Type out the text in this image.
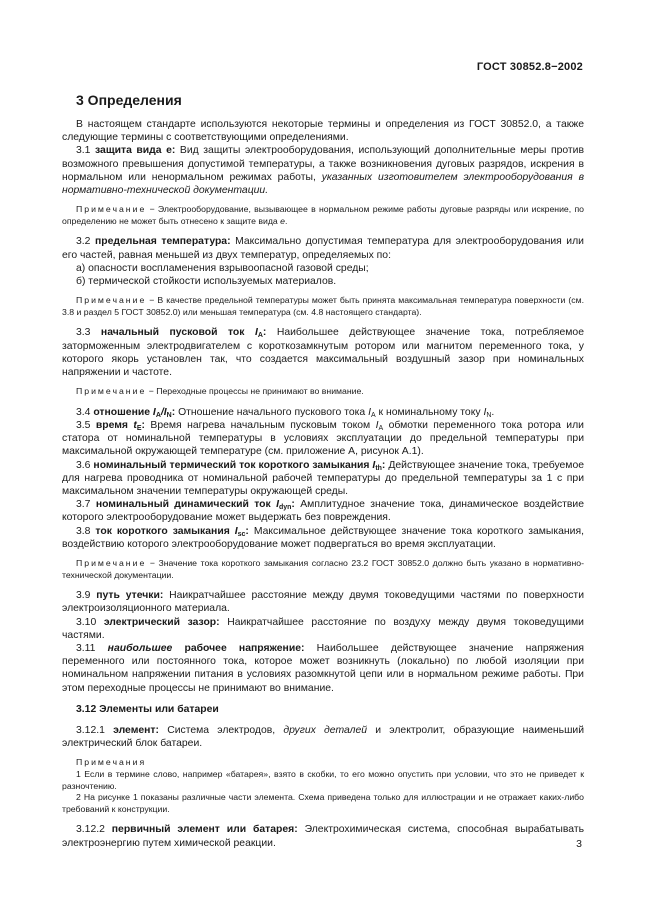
ГОСТ 30852.8−2002
3 Определения

В настоящем стандарте используются некоторые термины и определения из ГОСТ 30852.0, а также следующие термины с соответствующими определениями.

3.1 защита вида е: Вид защиты электрооборудования, использующий дополнительные меры против возможного превышения допустимой температуры, а также возникновения дуговых разрядов, искрения в нормальном или ненормальном режимах работы, указанных изготовителем электрооборудования в нормативно-технической документации.

Примечание − Электрооборудование, вызывающее в нормальном режиме работы дуговые разряды или искрение, по определению не может быть отнесено к защите вида е.

3.2 предельная температура: Максимально допустимая температура для электрооборудования или его частей, равная меньшей из двух температур, определяемых по:

а) опасности воспламенения взрывоопасной газовой среды;

б) термической стойкости используемых материалов.

Примечание − В качестве предельной температуры может быть принята максимальная температура поверхности (см. 3.8 и раздел 5 ГОСТ 30852.0) или меньшая температура (см. 4.8 настоящего стандарта).

3.3 начальный пусковой ток $I_A$: Наибольшее действующее значение тока, потребляемое заторможенным электродвигателем с короткозамкнутым ротором или магнитом переменного тока, у которого якорь установлен так, что создается максимальный воздушный зазор при номинальных напряжении и частоте.

Примечание − Переходные процессы не принимают во внимание.

3.4 отношение $I_A/I_N$: Отношение начального пускового тока $I_A$ к номинальному току $I_N$.

3.5 время $t_E$: Время нагрева начальным пусковым током $I_A$ обмотки переменного тока ротора или статора от номинальной температуры в условиях эксплуатации до предельной температуры при максимальной окружающей температуре (см. приложение А, рисунок А.1).

3.6 номинальный термический ток короткого замыкания $I_{th}$: Действующее значение тока, требуемое для нагрева проводника от номинальной рабочей температуры до предельной температуры за 1 с при максимальном значении температуры окружающей среды.

3.7 номинальный динамический ток $I_{dyn}$: Амплитудное значение тока, динамическое воздействие которого электрооборудование может выдержать без повреждения.

3.8 ток короткого замыкания $I_{sc}$: Максимальное действующее значение тока короткого замыкания, воздействию которого электрооборудование может подвергаться во время эксплуатации.

Примечание − Значение тока короткого замыкания согласно 23.2 ГОСТ 30852.0 должно быть указано в нормативно-технической документации.

3.9 путь утечки: Наикратчайшее расстояние между двумя токоведущими частями по поверхности электроизоляционного материала.

3.10 электрический зазор: Наикратчайшее расстояние по воздуху между двумя токоведущими частями.

3.11 наибольшее рабочее напряжение: Наибольшее действующее значение напряжения переменного или постоянного тока, которое может возникнуть (локально) по любой изоляции при номинальном напряжении питания в условиях разомкнутой цепи или в нормальном режиме работы. При этом переходные процессы не принимают во внимание.

3.12 Элементы или батареи

3.12.1 элемент: Система электродов, других деталей и электролит, образующие наименьший электрический блок батареи.

Примечания

1 Если в термине слово, например «батарея», взято в скобки, то его можно опустить при условии, что это не приведет к разночтению.

2 На рисунке 1 показаны различные части элемента. Схема приведена только для иллюстрации и не отражает каких-либо требований к конструкции.

3.12.2 первичный элемент или батарея: Электрохимическая система, способная вырабатывать электроэнергию путем химической реакции.	3
